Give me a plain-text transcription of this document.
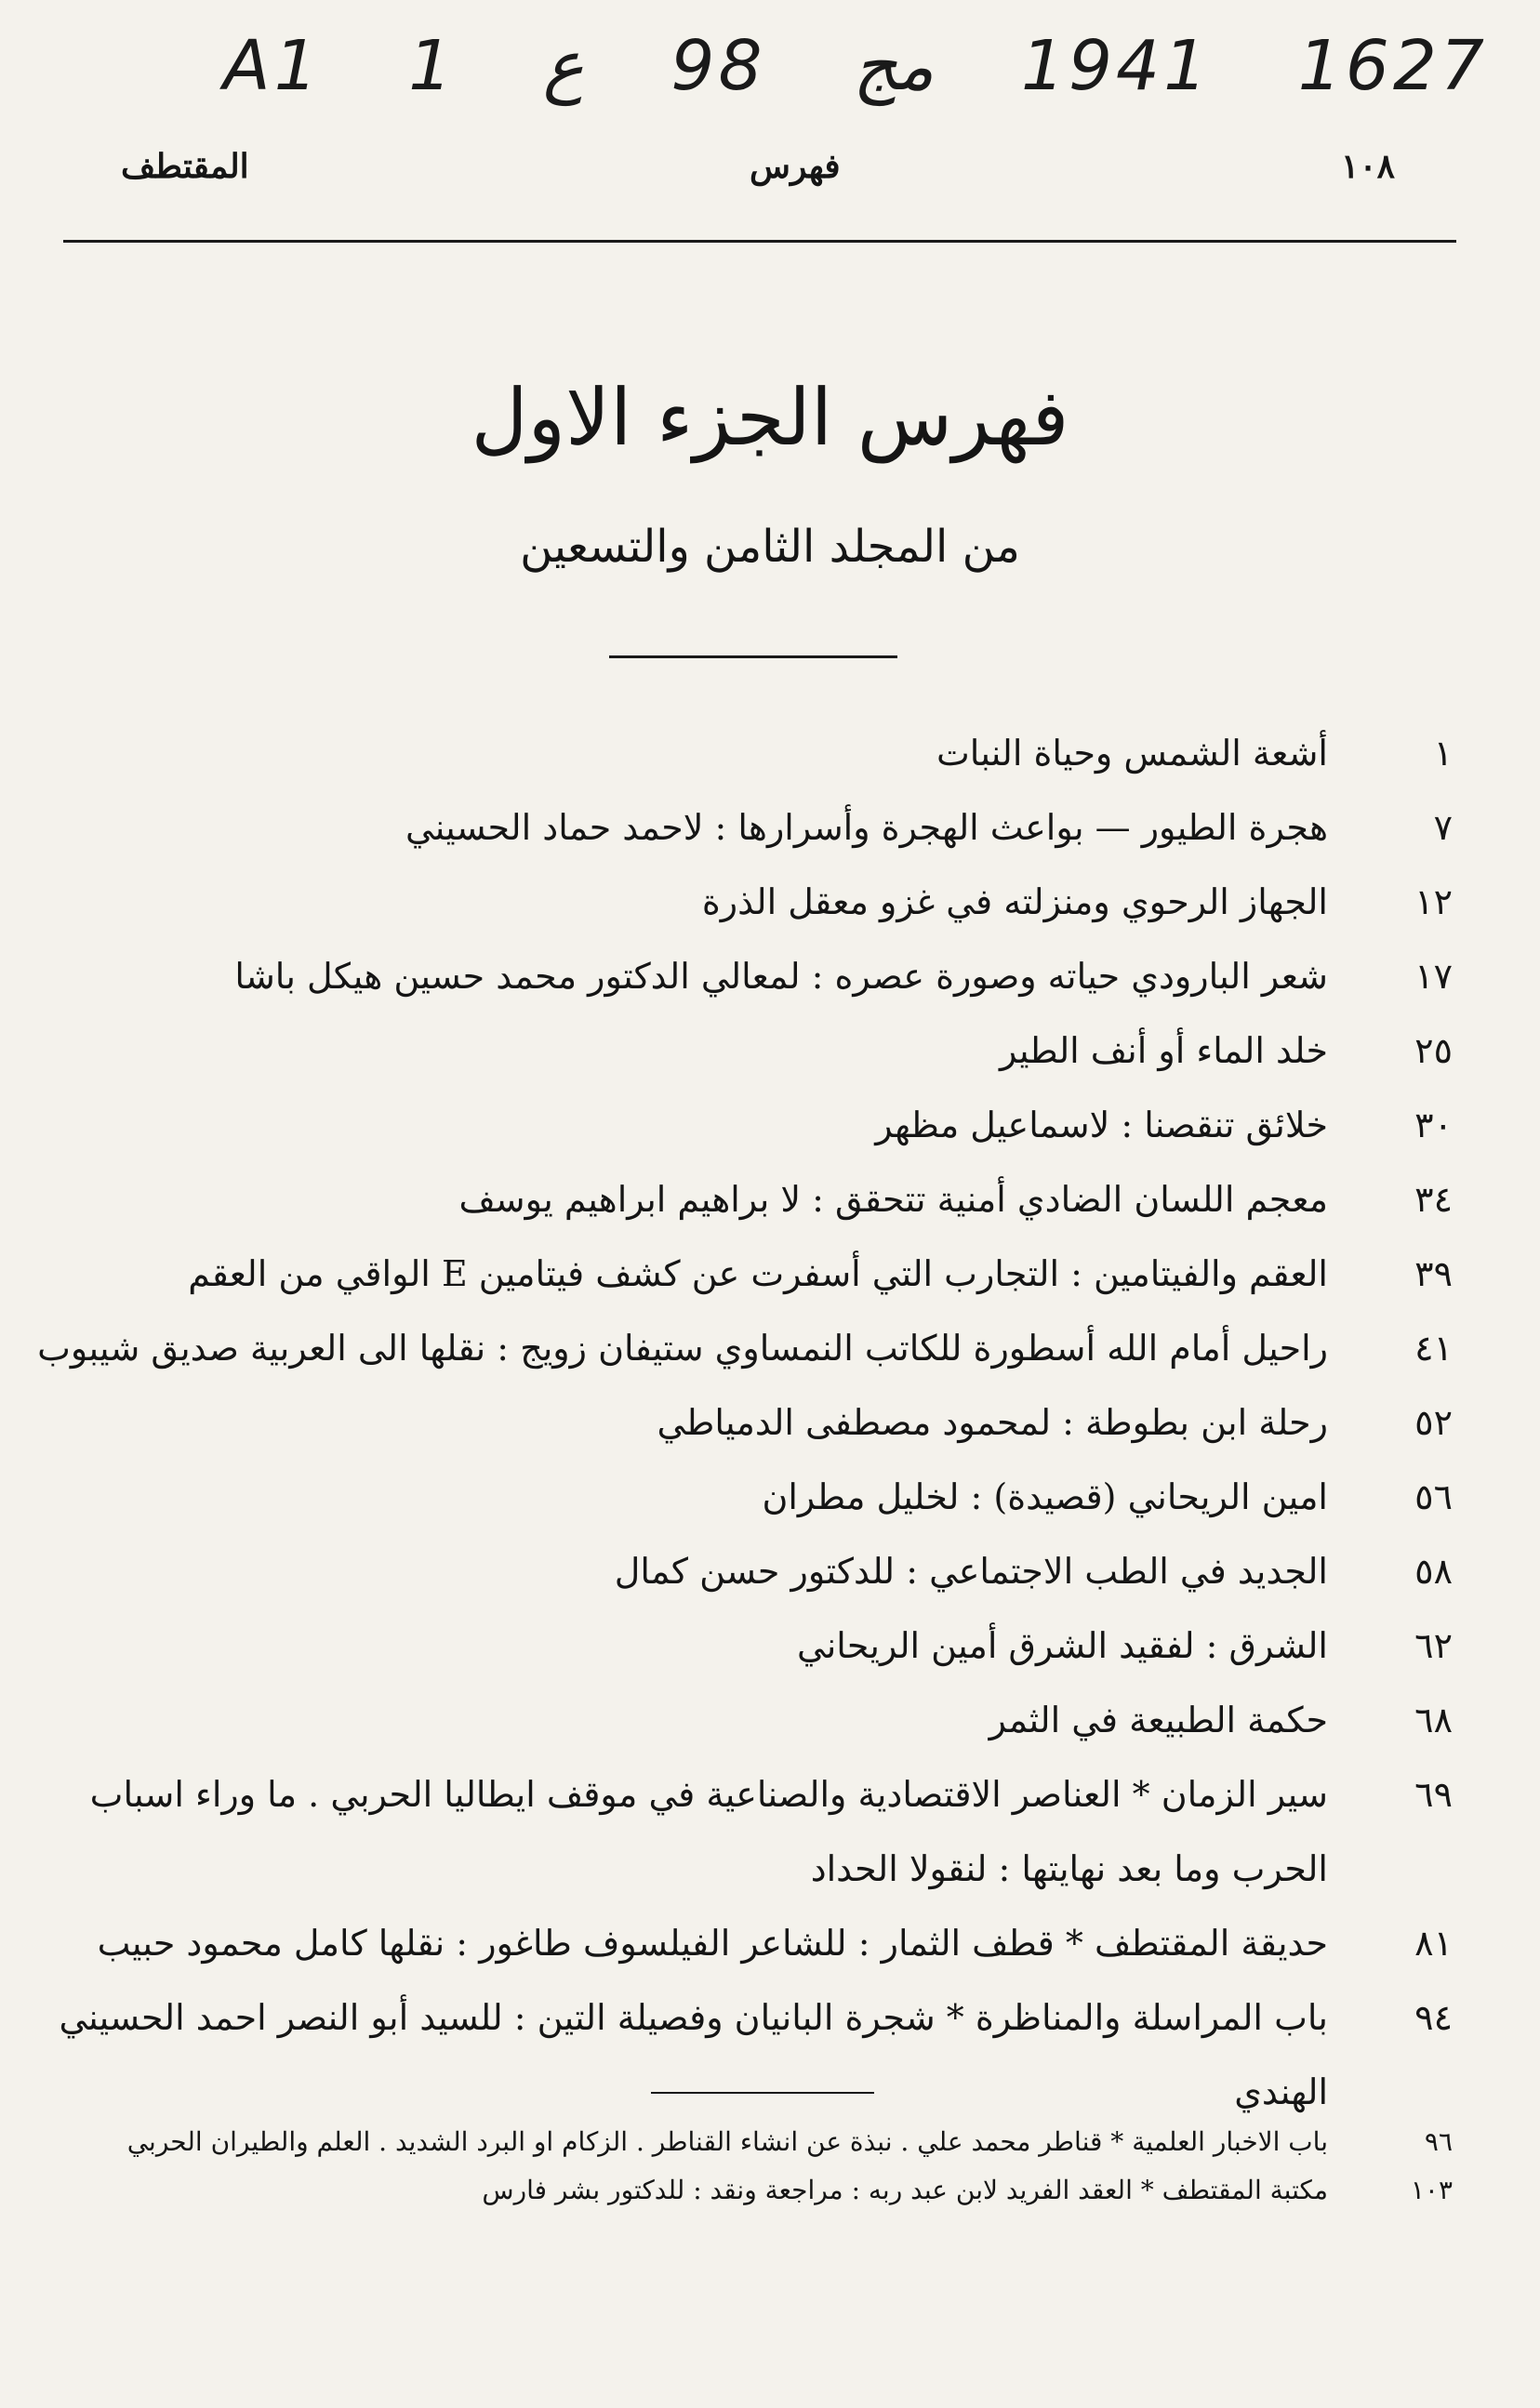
A1 1 ع 98 مج 1941 1627
١٠٨
فهرس
المقتطف
فهرس الجزء الاول
من المجلد الثامن والتسعين
١
أشعة الشمس وحياة النبات
٧
هجرة الطيور — بواعث الهجرة وأسرارها : لاحمد حماد الحسيني
١٢
الجهاز الرحوي ومنزلته في غزو معقل الذرة
١٧
شعر البارودي حياته وصورة عصره : لمعالي الدكتور محمد حسين هيكل باشا
٢٥
خلد الماء أو أنف الطير
٣٠
خلائق تنقصنا : لاسماعيل مظهر
٣٤
معجم اللسان الضادي أمنية تتحقق : لا براهيم ابراهيم يوسف
٣٩
العقم والفيتامين : التجارب التي أسفرت عن كشف فيتامين E الواقي من العقم
٤١
راحيل أمام الله أسطورة للكاتب النمساوي ستيفان زويج : نقلها الى العربية صديق شيبوب
٥٢
رحلة ابن بطوطة : لمحمود مصطفى الدمياطي
٥٦
امين الريحاني (قصيدة) : لخليل مطران
٥٨
الجديد في الطب الاجتماعي : للدكتور حسن كمال
٦٢
الشرق : لفقيد الشرق أمين الريحاني
٦٨
حكمة الطبيعة في الثمر
٦٩
سير الزمان * العناصر الاقتصادية والصناعية في موقف ايطاليا الحربي . ما وراء اسباب الحرب وما بعد نهايتها : لنقولا الحداد
٨١
حديقة المقتطف * قطف الثمار : للشاعر الفيلسوف طاغور : نقلها كامل محمود حبيب
٩٤
باب المراسلة والمناظرة * شجرة البانيان وفصيلة التين : للسيد أبو النصر احمد الحسيني الهندي
٩٦
باب الاخبار العلمية * قناطر محمد علي . نبذة عن انشاء القناطر . الزكام او البرد الشديد . العلم والطيران الحربي
١٠٣
مكتبة المقتطف * العقد الفريد لابن عبد ربه : مراجعة ونقد : للدكتور بشر فارس
